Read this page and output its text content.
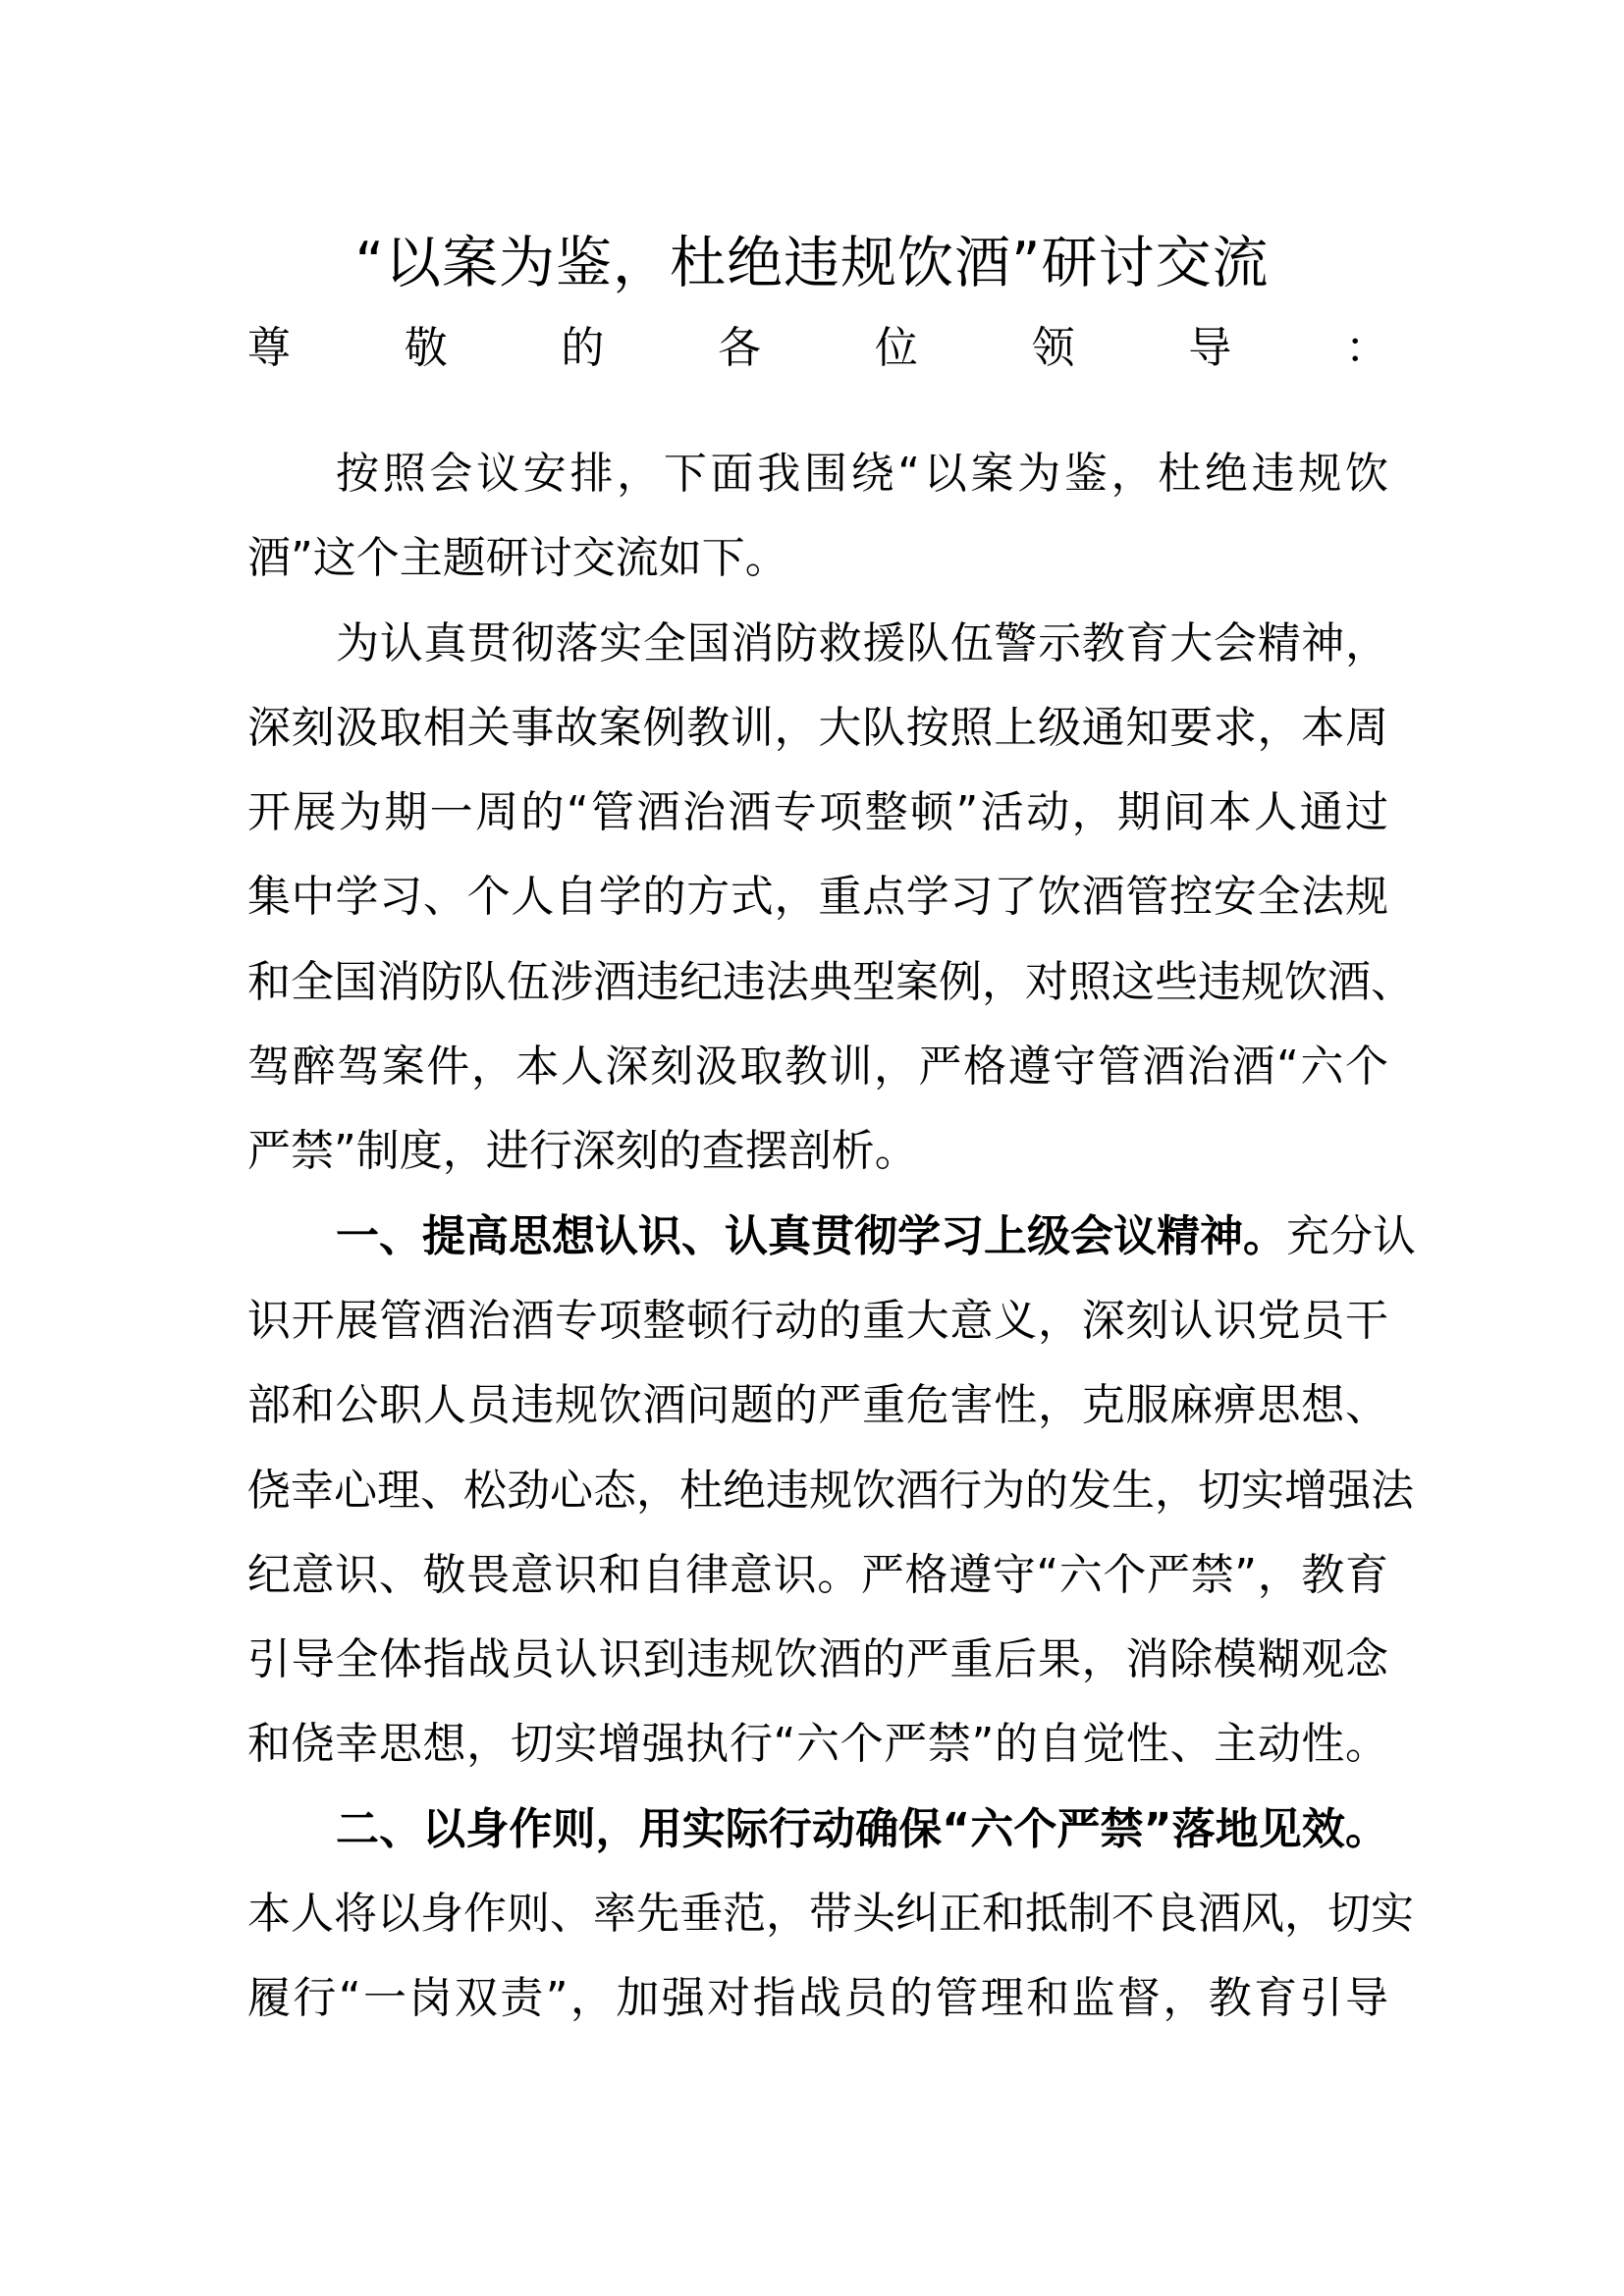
“以案为鉴，杜绝违规饮酒”研讨交流
尊敬的各位领导：
按照会议安排，下面我围绕“以案为鉴，杜绝违规饮
酒”这个主题研讨交流如下。
为认真贯彻落实全国消防救援队伍警示教育大会精神，
深刻汲取相关事故案例教训，大队按照上级通知要求，本周
开展为期一周的“管酒治酒专项整顿”活动，期间本人通过
集中学习、个人自学的方式，重点学习了饮酒管控安全法规
和全国消防队伍涉酒违纪违法典型案例，对照这些违规饮酒、
驾醉驾案件，本人深刻汲取教训，严格遵守管酒治酒“六个
严禁”制度，进行深刻的查摆剖析。
一、提高思想认识、认真贯彻学习上级会议精神。充分认
识开展管酒治酒专项整顿行动的重大意义，深刻认识党员干
部和公职人员违规饮酒问题的严重危害性，克服麻痹思想、
侥幸心理、松劲心态，杜绝违规饮酒行为的发生，切实增强法
纪意识、敬畏意识和自律意识。严格遵守“六个严禁”，教育
引导全体指战员认识到违规饮酒的严重后果，消除模糊观念
和侥幸思想，切实增强执行“六个严禁”的自觉性、主动性。
二、以身作则，用实际行动确保“六个严禁”落地见效。
本人将以身作则、率先垂范，带头纠正和抵制不良酒风，切实
履行“一岗双责”，加强对指战员的管理和监督，教育引导
